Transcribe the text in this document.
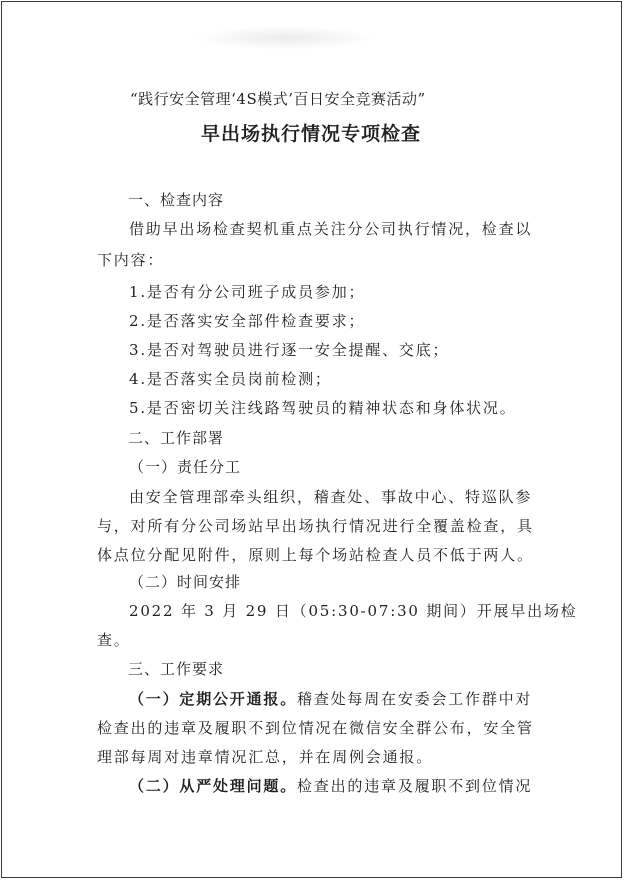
“践行安全管理‘4S模式’百日安全竞赛活动”
早出场执行情况专项检查
一、检查内容
借助早出场检查契机重点关注分公司执行情况，检查以
下内容：
1.是否有分公司班子成员参加；
2.是否落实安全部件检查要求；
3.是否对驾驶员进行逐一安全提醒、交底；
4.是否落实全员岗前检测；
5.是否密切关注线路驾驶员的精神状态和身体状况。
二、工作部署
（一）责任分工
由安全管理部牵头组织，稽查处、事故中心、特巡队参
与，对所有分公司场站早出场执行情况进行全覆盖检查，具
体点位分配见附件，原则上每个场站检查人员不低于两人。
（二）时间安排
2022 年 3 月 29 日（05:30-07:30 期间）开展早出场检
查。
三、工作要求
（一）定期公开通报。稽查处每周在安委会工作群中对
检查出的违章及履职不到位情况在微信安全群公布，安全管
理部每周对违章情况汇总，并在周例会通报。
（二）从严处理问题。检查出的违章及履职不到位情况
